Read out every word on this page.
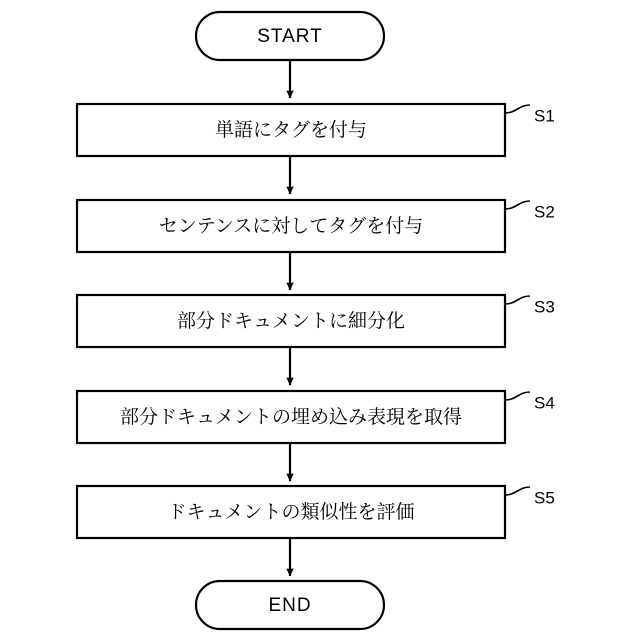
START
単語にタグを付与
S1
センテンスに対してタグを付与
S2
部分ドキュメントに細分化
S3
部分ドキュメントの埋め込み表現を取得
S4
ドキュメントの類似性を評価
S5
END
